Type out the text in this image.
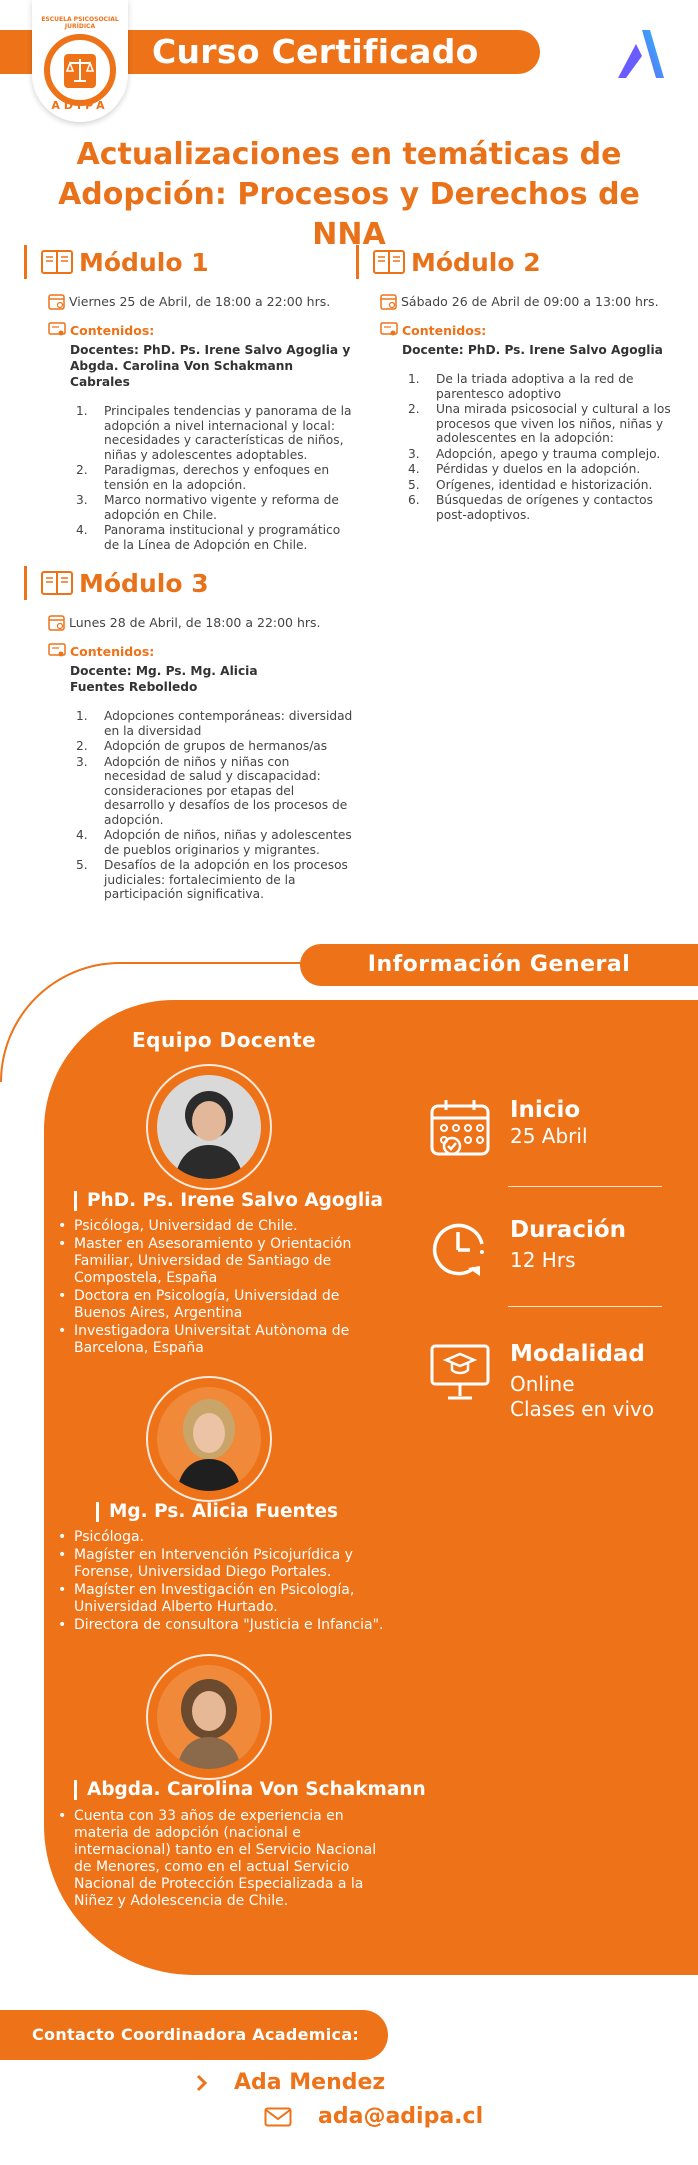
Curso Certificado
ESCUELA PSICOSOCIAL JURÍDICA
ADIPA
Actualizaciones en temáticas de
Adopción: Procesos y Derechos de NNA
Módulo 1
Viernes 25 de Abril, de 18:00 a 22:00 hrs.
Contenidos:
Docentes: PhD. Ps. Irene Salvo Agoglia y Abgda. Carolina Von Schakmann Cabrales
1.	Principales tendencias y panorama de la adopción a nivel internacional y local: necesidades y características de niños, niñas y adolescentes adoptables.
2.	Paradigmas, derechos y enfoques en tensión en la adopción.
3.	Marco normativo vigente y reforma de adopción en Chile.
4.	Panorama institucional y programático de la Línea de Adopción en Chile.
Módulo 2
Sábado 26 de Abril de 09:00 a 13:00 hrs.
Contenidos:
Docente: PhD. Ps. Irene Salvo Agoglia
1.	De la triada adoptiva a la red de parentesco adoptivo
2.	Una mirada psicosocial y cultural a los procesos que viven los niños, niñas y adolescentes en la adopción:
3.	Adopción, apego y trauma complejo.
4.	Pérdidas y duelos en la adopción.
5.	Orígenes, identidad e historización.
6.	Búsquedas de orígenes y contactos post-adoptivos.
Módulo 3
Lunes 28 de Abril, de 18:00 a 22:00 hrs.
Contenidos:
Docente: Mg. Ps. Mg. Alicia Fuentes Rebolledo
1.	Adopciones contemporáneas: diversidad en la diversidad
2.	Adopción de grupos de hermanos/as
3.	Adopción de niños y niñas con necesidad de salud y discapacidad: consideraciones por etapas del desarrollo y desafíos de los procesos de adopción.
4.	Adopción de niños, niñas y adolescentes de pueblos originarios y migrantes.
5.	Desafíos de la adopción en los procesos judiciales: fortalecimiento de la participación significativa.
Información General
Equipo Docente
PhD. Ps. Irene Salvo Agoglia
• Psicóloga, Universidad de Chile.
• Master en Asesoramiento y Orientación Familiar, Universidad de Santiago de Compostela, España
• Doctora en Psicología, Universidad de Buenos Aires, Argentina
• Investigadora Universitat Autònoma de Barcelona, España
Mg. Ps. Alicia Fuentes
• Psicóloga.
• Magíster en Intervención Psicojurídica y Forense, Universidad Diego Portales.
• Magíster en Investigación en Psicología, Universidad Alberto Hurtado.
• Directora de consultora "Justicia e Infancia".
Abgda. Carolina Von Schakmann
• Cuenta con 33 años de experiencia en materia de adopción (nacional e internacional) tanto en el Servicio Nacional de Menores, como en el actual Servicio Nacional de Protección Especializada a la Niñez y Adolescencia de Chile.
Inicio
25 Abril
Duración
12 Hrs
Modalidad
Online
Clases en vivo
Contacto Coordinadora Academica:
Ada Mendez
ada@adipa.cl
